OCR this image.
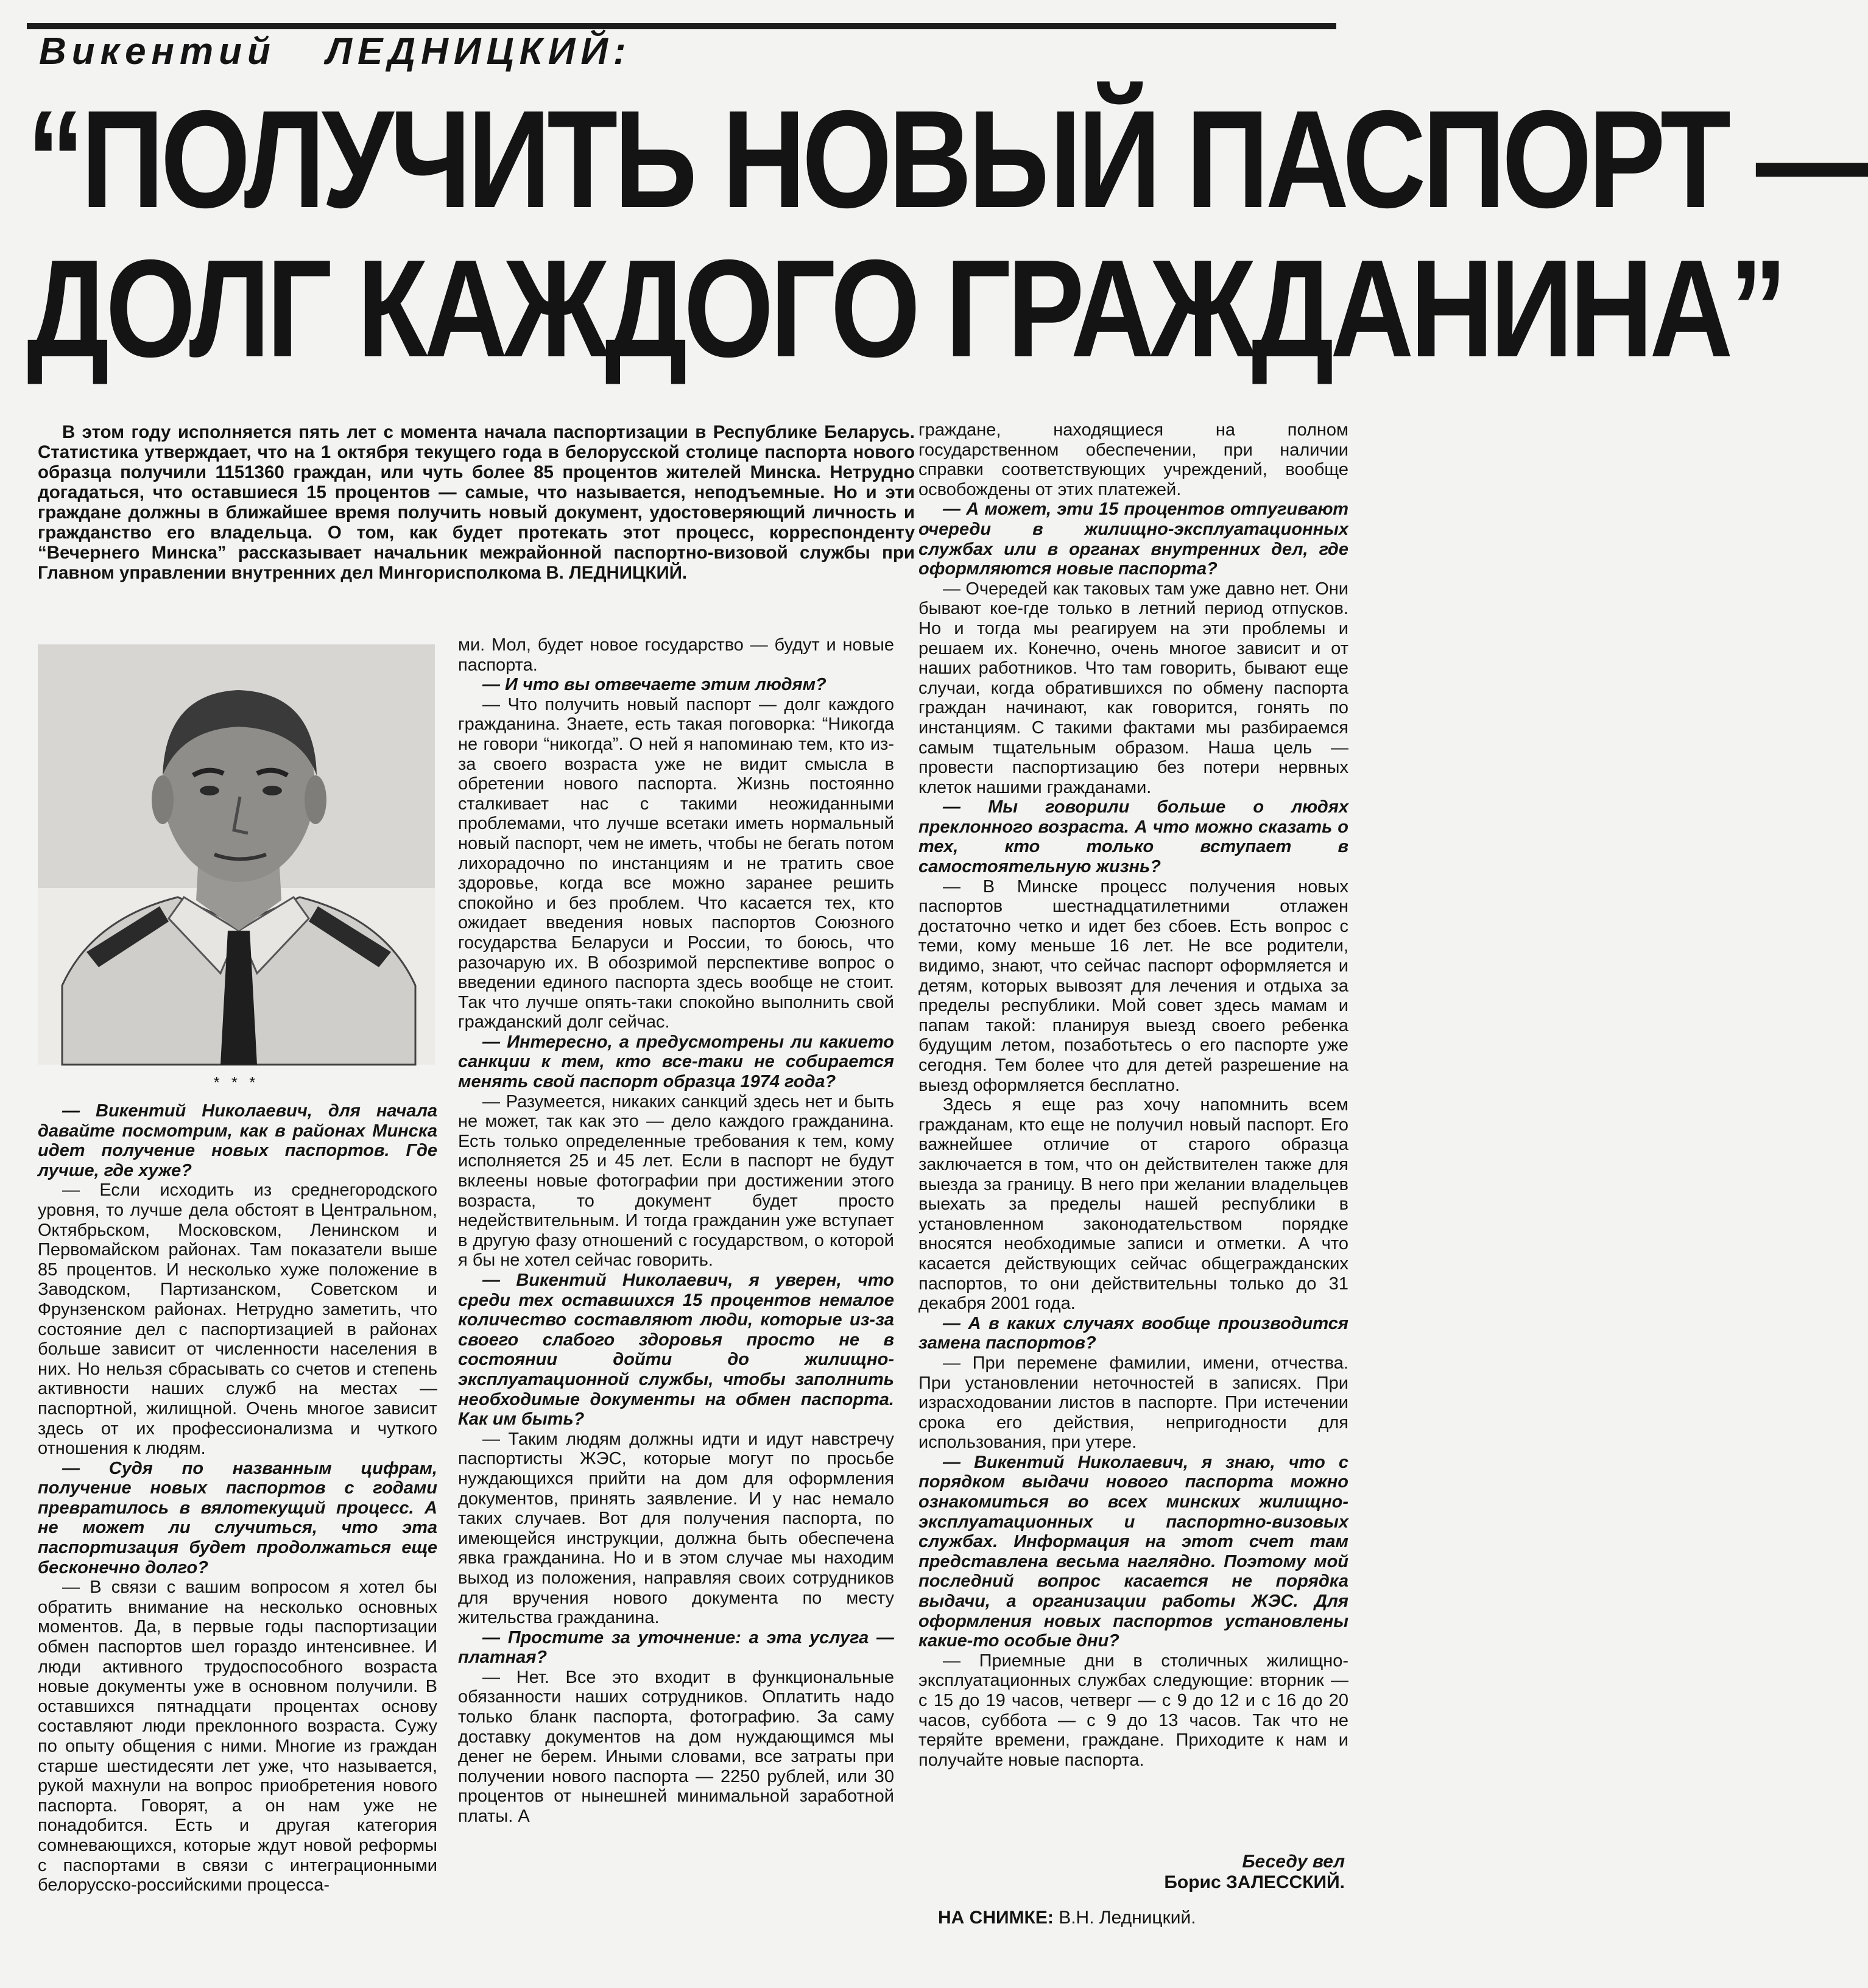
Викентий ЛЕДНИЦКИЙ:
“ПОЛУЧИТЬ НОВЫЙ ПАСПОРТ —
ДОЛГ КАЖДОГО ГРАЖДАНИНА”
В этом году исполняется пять лет с момента начала паспортизации в Республике Беларусь. Статистика утверждает, что на 1 октября текущего года в белорусской столице паспорта нового образца получили 1151360 граждан, или чуть более 85 процентов жителей Минска. Нетрудно догадаться, что оставшиеся 15 процентов — самые, что называется, неподъемные. Но и эти граждане должны в ближайшее время получить новый документ, удостоверяющий личность и гражданство его владельца. О том, как будет протекать этот процесс, корреспонденту “Вечернего Минска” рассказывает начальник межрайонной паспортно-визовой службы при Главном управлении внутренних дел Мингорисполкома В. ЛЕДНИЦКИЙ.
* * *

— Викентий Николаевич, для начала давайте посмотрим, как в районах Минска идет получение новых паспортов. Где лучше, где хуже?

— Если исходить из среднегородского уровня, то лучше дела обстоят в Центральном, Октябрьском, Московском, Ленинском и Первомайском районах. Там показатели выше 85 процентов. И несколько хуже положение в Заводском, Партизанском, Советском и Фрунзенском районах. Нетрудно заметить, что состояние дел с паспортизацией в районах больше зависит от численности населения в них. Но нельзя сбрасывать со счетов и степень активности наших служб на местах — паспортной, жилищной. Очень многое зависит здесь от их профессионализма и чуткого отношения к людям.

— Судя по названным цифрам, получение новых паспортов с годами превратилось в вялотекущий процесс. А не может ли случиться, что эта паспортизация будет продолжаться еще бесконечно долго?

— В связи с вашим вопросом я хотел бы обратить внимание на несколько основных моментов. Да, в первые годы паспортизации обмен паспортов шел гораздо интенсивнее. И люди активного трудоспособного возраста новые документы уже в основном получили. В оставшихся пятнадцати процентах основу составляют люди преклонного возраста. Сужу по опыту общения с ними. Многие из граждан старше шестидесяти лет уже, что называется, рукой махнули на вопрос приобретения нового паспорта. Говорят, а он нам уже не понадобится. Есть и другая категория сомневающихся, которые ждут новой реформы с паспортами в связи с интеграционными белорусско-российскими процесса-

ми. Мол, будет новое государство — будут и новые паспорта.

— И что вы отвечаете этим людям?

— Что получить новый паспорт — долг каждого гражданина. Знаете, есть такая поговорка: “Никогда не говори “никогда”. О ней я напоминаю тем, кто из-за своего возраста уже не видит смысла в обретении нового паспорта. Жизнь постоянно сталкивает нас с такими неожиданными проблемами, что лучше всетаки иметь нормальный новый паспорт, чем не иметь, чтобы не бегать потом лихорадочно по инстанциям и не тратить свое здоровье, когда все можно заранее решить спокойно и без проблем. Что касается тех, кто ожидает введения новых паспортов Союзного государства Беларуси и России, то боюсь, что разочарую их. В обозримой перспективе вопрос о введении единого паспорта здесь вообще не стоит. Так что лучше опять-таки спокойно выполнить свой гражданский долг сейчас.

— Интересно, а предусмотрены ли какието санкции к тем, кто все-таки не собирается менять свой паспорт образца 1974 года?

— Разумеется, никаких санкций здесь нет и быть не может, так как это — дело каждого гражданина. Есть только определенные требования к тем, кому исполняется 25 и 45 лет. Если в паспорт не будут вклеены новые фотографии при достижении этого возраста, то документ будет просто недействительным. И тогда гражданин уже вступает в другую фазу отношений с государством, о которой я бы не хотел сейчас говорить.

— Викентий Николаевич, я уверен, что среди тех оставшихся 15 процентов немалое количество составляют люди, которые из-за своего слабого здоровья просто не в состоянии дойти до жилищно-эксплуатационной службы, чтобы заполнить необходимые документы на обмен паспорта. Как им быть?

— Таким людям должны идти и идут навстречу паспортисты ЖЭС, которые могут по просьбе нуждающихся прийти на дом для оформления документов, принять заявление. И у нас немало таких случаев. Вот для получения паспорта, по имеющейся инструкции, должна быть обеспечена явка гражданина. Но и в этом случае мы находим выход из положения, направляя своих сотрудников для вручения нового документа по месту жительства гражданина.

— Простите за уточнение: а эта услуга — платная?

— Нет. Все это входит в функциональные обязанности наших сотрудников. Оплатить надо только бланк паспорта, фотографию. За саму доставку документов на дом нуждающимся мы денег не берем. Иными словами, все затраты при получении нового паспорта — 2250 рублей, или 30 процентов от нынешней минимальной заработной платы. А

граждане, находящиеся на полном государственном обеспечении, при наличии справки соответствующих учреждений, вообще освобождены от этих платежей.

— А может, эти 15 процентов отпугивают очереди в жилищно-эксплуатационных службах или в органах внутренних дел, где оформляются новые паспорта?

— Очередей как таковых там уже давно нет. Они бывают кое-где только в летний период отпусков. Но и тогда мы реагируем на эти проблемы и решаем их. Конечно, очень многое зависит и от наших работников. Что там говорить, бывают еще случаи, когда обратившихся по обмену паспорта граждан начинают, как говорится, гонять по инстанциям. С такими фактами мы разбираемся самым тщательным образом. Наша цель — провести паспортизацию без потери нервных клеток нашими гражданами.

— Мы говорили больше о людях преклонного возраста. А что можно сказать о тех, кто только вступает в самостоятельную жизнь?

— В Минске процесс получения новых паспортов шестнадцатилетними отлажен достаточно четко и идет без сбоев. Есть вопрос с теми, кому меньше 16 лет. Не все родители, видимо, знают, что сейчас паспорт оформляется и детям, которых вывозят для лечения и отдыха за пределы республики. Мой совет здесь мамам и папам такой: планируя выезд своего ребенка будущим летом, позаботьтесь о его паспорте уже сегодня. Тем более что для детей разрешение на выезд оформляется бесплатно.

Здесь я еще раз хочу напомнить всем гражданам, кто еще не получил новый паспорт. Его важнейшее отличие от старого образца заключается в том, что он действителен также для выезда за границу. В него при желании владельцев выехать за пределы нашей республики в установленном законодательством порядке вносятся необходимые записи и отметки. А что касается действующих сейчас общегражданских паспортов, то они действительны только до 31 декабря 2001 года.

— А в каких случаях вообще производится замена паспортов?

— При перемене фамилии, имени, отчества. При установлении неточностей в записях. При израсходовании листов в паспорте. При истечении срока его действия, непригодности для использования, при утере.

— Викентий Николаевич, я знаю, что с порядком выдачи нового паспорта можно ознакомиться во всех минских жилищно-эксплуатационных и паспортно-визовых службах. Информация на этот счет там представлена весьма наглядно. Поэтому мой последний вопрос касается не порядка выдачи, а организации работы ЖЭС. Для оформления новых паспортов установлены какие-то особые дни?

— Приемные дни в столичных жилищно-эксплуатационных службах следующие: вторник — с 15 до 19 часов, четверг — с 9 до 12 и с 16 до 20 часов, суббота — с 9 до 13 часов. Так что не теряйте времени, граждане. Приходите к нам и получайте новые паспорта.

Беседу вел
Борис ЗАЛЕССКИЙ.
НА СНИМКЕ: В.Н. Ледницкий.
